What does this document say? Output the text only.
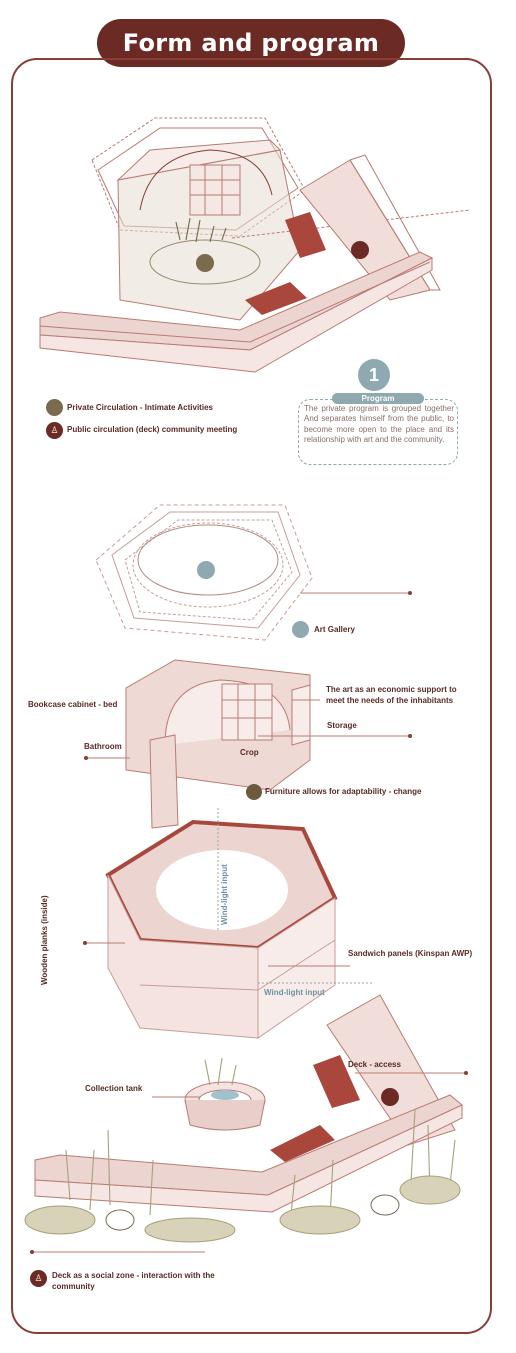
Form and program
Private Circulation - Intimate Activities
♙	Public circulation (deck) community meeting
1
Program
The private program is grouped together And separates himself from the public, to become more open to the place and its relationship with art and the community.
Art Gallery
Bookcase cabinet - bed
Bathroom
Crop
Storage
The art as an economic support to meet the needs of the inhabitants
Furniture allows for adaptability - change
Wooden planks (inside)	Sandwich panels (Kinspan AWP)
Wind-light input
Wind-light input
Collection tank
Deck - access
♙	Deck as a social zone - interaction with the community
